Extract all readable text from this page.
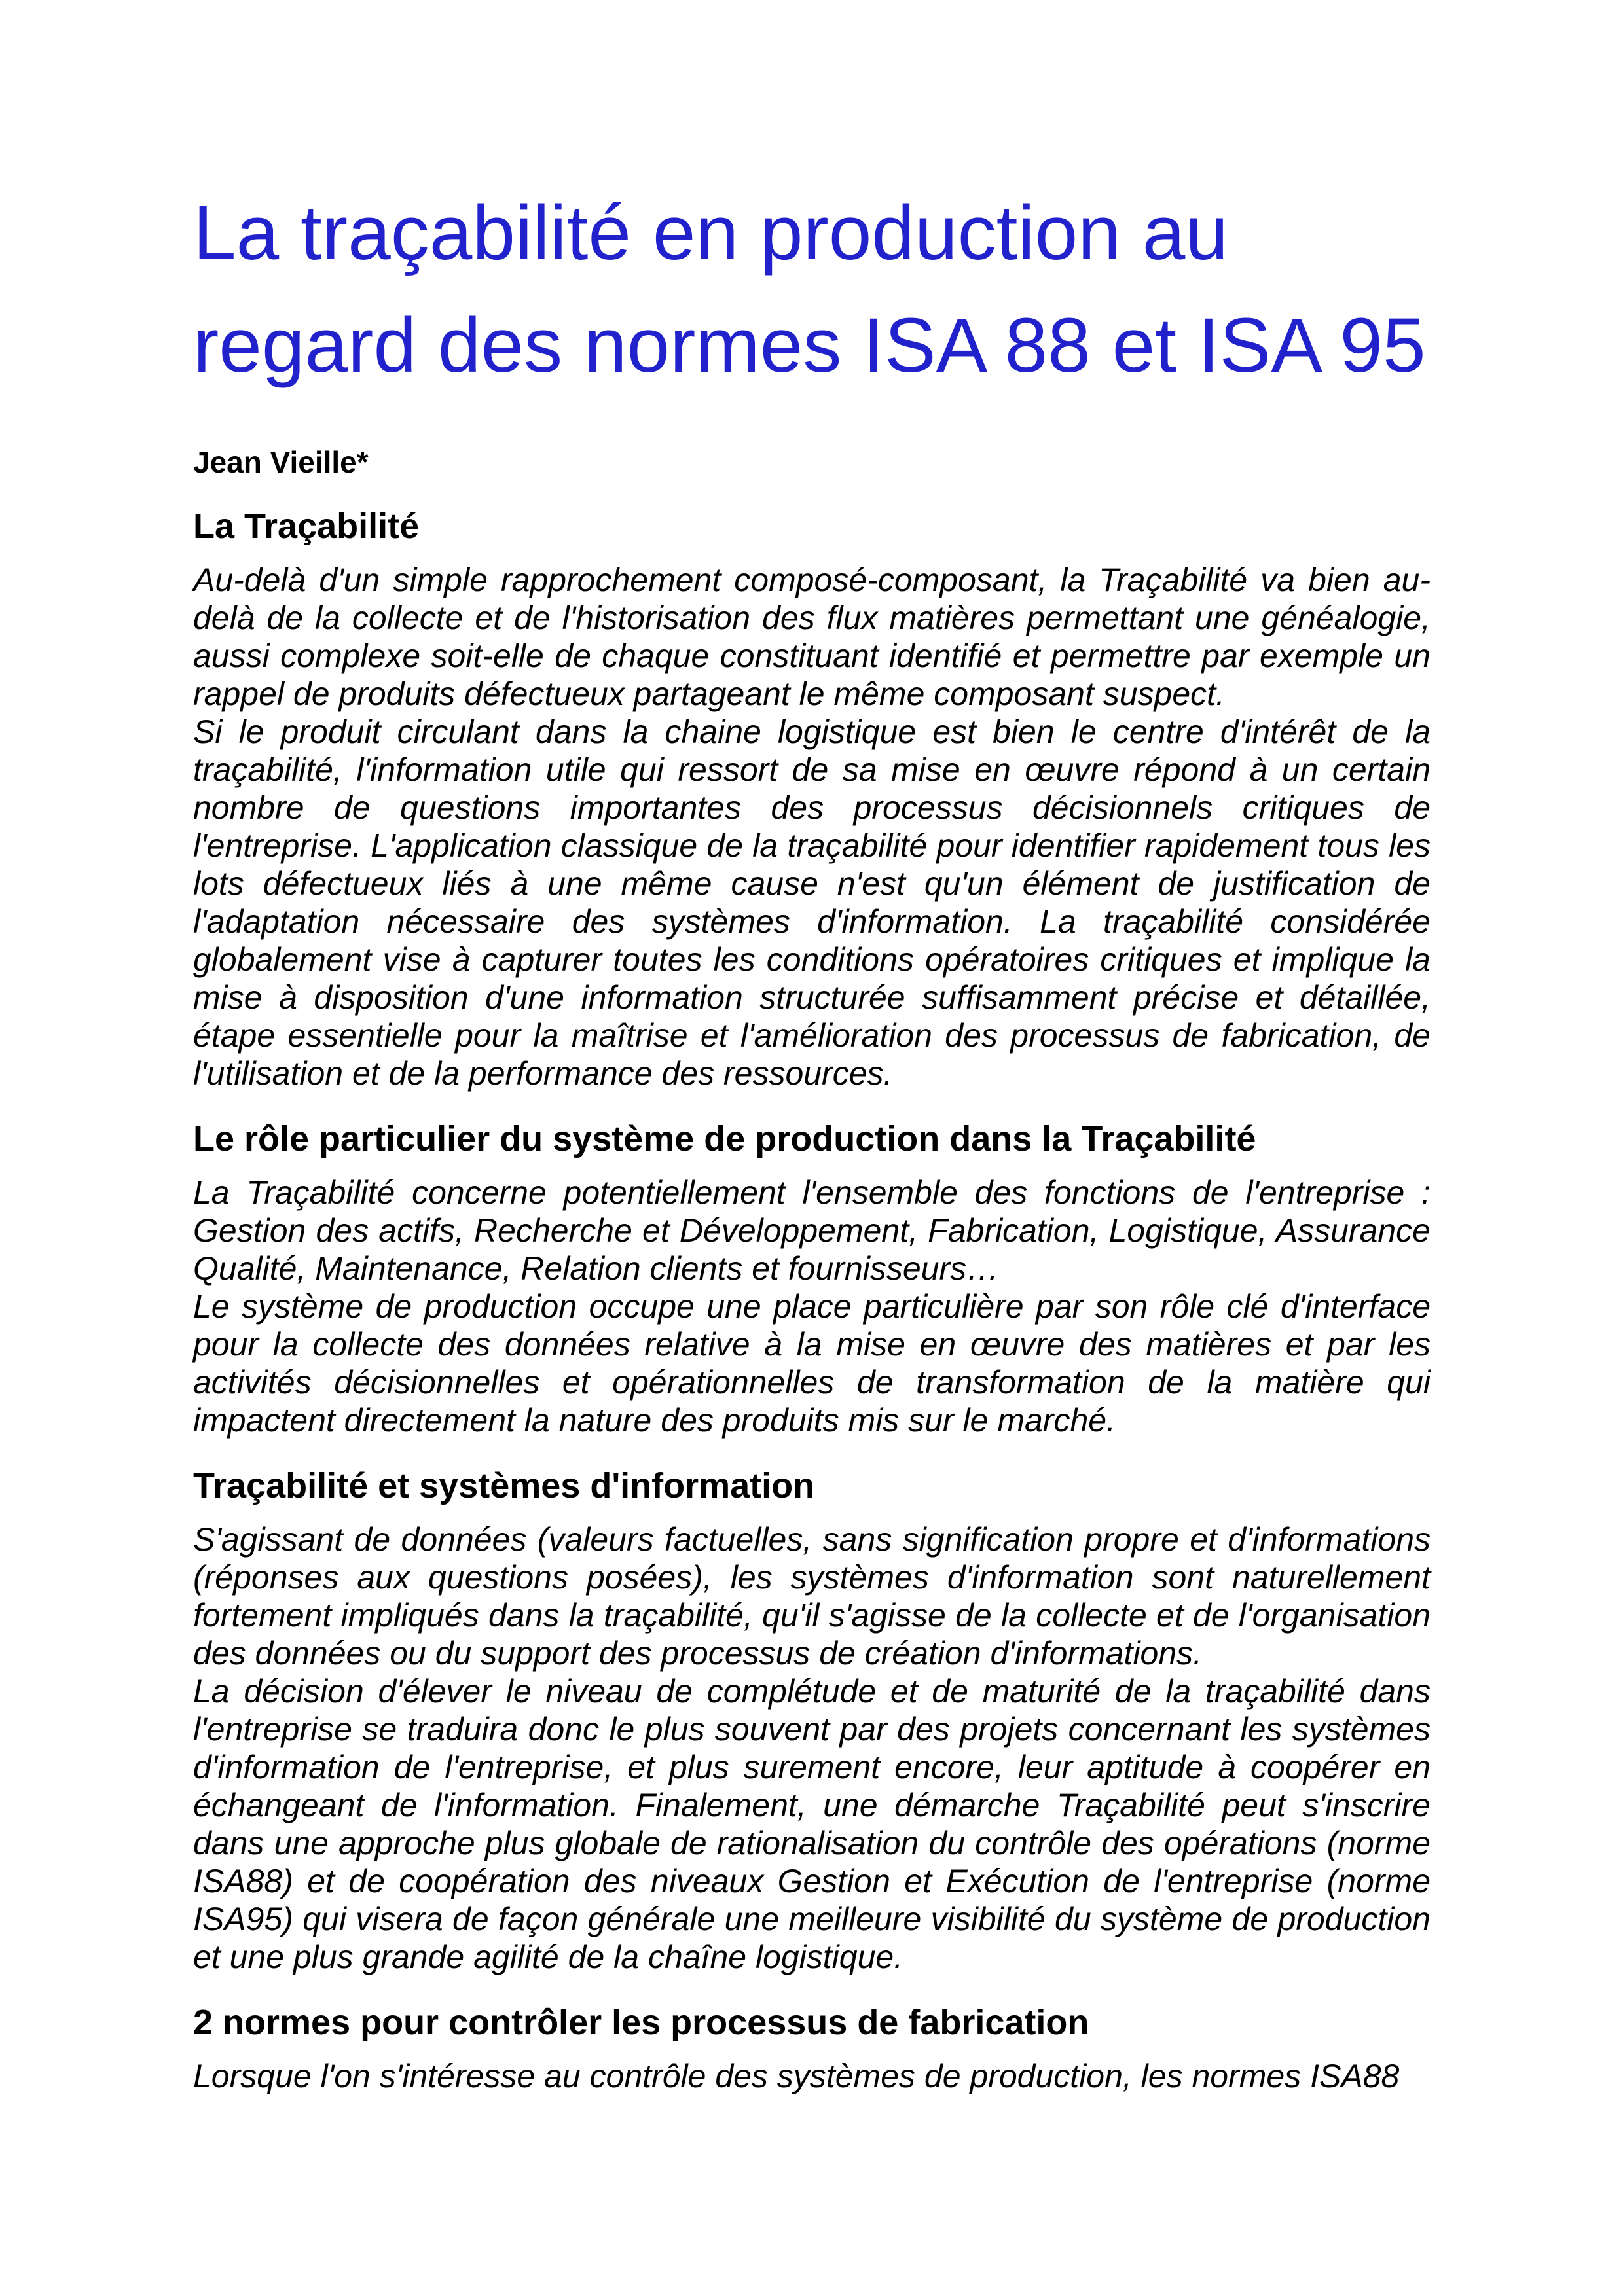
La traçabilité en production au regard des normes ISA 88 et ISA 95

Jean Vieille*

La Traçabilité

Au-delà d'un simple rapprochement composé-composant, la Traçabilité va bien au-delà de la collecte et de l'historisation des flux matières permettant une généalogie, aussi complexe soit-elle de chaque constituant identifié et permettre par exemple un rappel de produits défectueux partageant le même composant suspect.

Si le produit circulant dans la chaine logistique est bien le centre d'intérêt de la traçabilité, l'information utile qui ressort de sa mise en œuvre répond à un certain nombre de questions importantes des processus décisionnels critiques de l'entreprise. L'application classique de la traçabilité pour identifier rapidement tous les lots défectueux liés à une même cause n'est qu'un élément de justification de l'adaptation nécessaire des systèmes d'information. La traçabilité considérée globalement vise à capturer toutes les conditions opératoires critiques et implique la mise à disposition d'une information structurée suffisamment précise et détaillée, étape essentielle pour la maîtrise et l'amélioration des processus de fabrication, de l'utilisation et de la performance des ressources.

Le rôle particulier du système de production dans la Traçabilité

La Traçabilité concerne potentiellement l'ensemble des fonctions de l'entreprise : Gestion des actifs, Recherche et Développement, Fabrication, Logistique, Assurance Qualité, Maintenance, Relation clients et fournisseurs…

Le système de production occupe une place particulière par son rôle clé d'interface pour la collecte des données relative à la mise en œuvre des matières et par les activités décisionnelles et opérationnelles de transformation de la matière qui impactent directement la nature des produits mis sur le marché.

Traçabilité et systèmes d'information

S'agissant de données (valeurs factuelles, sans signification propre et d'informations (réponses aux questions posées), les systèmes d'information sont naturellement fortement impliqués dans la traçabilité, qu'il s'agisse de la collecte et de l'organisation des données ou du support des processus de création d'informations.

La décision d'élever le niveau de complétude et de maturité de la traçabilité dans l'entreprise se traduira donc le plus souvent par des projets concernant les systèmes d'information de l'entreprise, et plus surement encore, leur aptitude à coopérer en échangeant de l'information. Finalement, une démarche Traçabilité peut s'inscrire dans une approche plus globale de rationalisation du contrôle des opérations (norme ISA88) et de coopération des niveaux Gestion et Exécution de l'entreprise (norme ISA95) qui visera de façon générale une meilleure visibilité du système de production et une plus grande agilité de la chaîne logistique.

2 normes pour contrôler les processus de fabrication

Lorsque l'on s'intéresse au contrôle des systèmes de production, les normes ISA88
